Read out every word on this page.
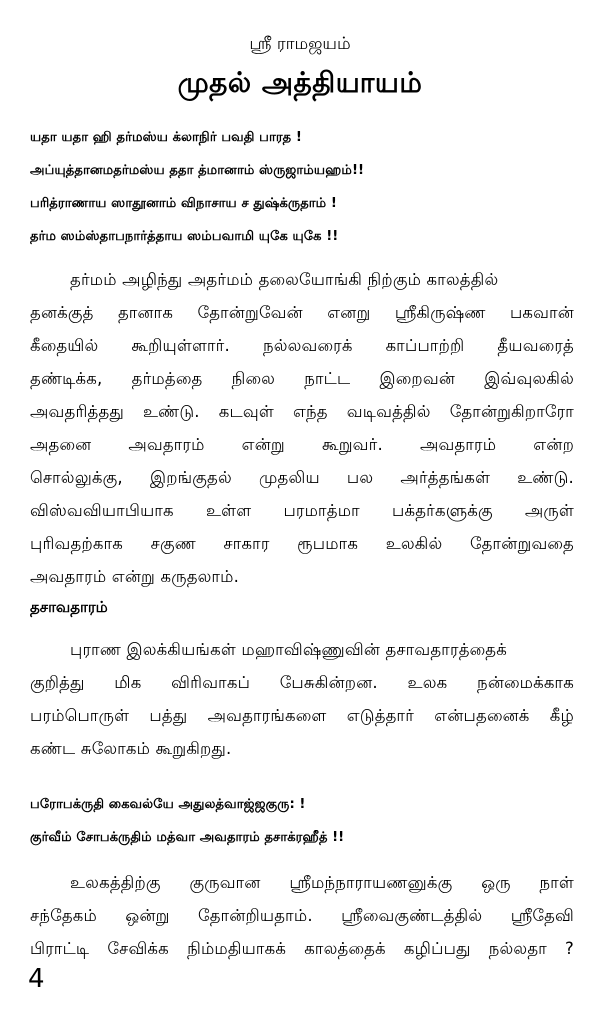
ஸ்ரீ ராமஜயம்
முதல் அத்தியாயம்
யதா யதா ஹி தர்மஸ்ய க்லாநிர் பவதி பாரத !
அப்யுத்தானமதர்மஸ்ய ததா த்மானாம் ஸ்ருஜாம்யஹம்!!
பரித்ராணாய ஸாதூனாம் விநாசாய ச துஷ்க்ருதாம் !
தர்ம ஸம்ஸ்தாபநார்த்தாய ஸம்பவாமி யுகே யுகே !!
தர்மம் அழிந்து அதர்மம் தலையோங்கி நிற்கும் காலத்தில்
தனக்குத் தானாக தோன்றுவேன் எனறு ஸ்ரீகிருஷ்ண பகவான்
கீதையில் கூறியுள்ளார். நல்லவரைக் காப்பாற்றி தீயவரைத்
தண்டிக்க, தர்மத்தை நிலை நாட்ட இறைவன் இவ்வுலகில்
அவதரித்தது உண்டு. கடவுள் எந்த வடிவத்தில் தோன்றுகிறாரோ
அதனை அவதாரம் என்று கூறுவர். அவதாரம் என்ற
சொல்லுக்கு, இறங்குதல் முதலிய பல அர்த்தங்கள் உண்டு.
விஸ்வவியாபியாக உள்ள பரமாத்மா பக்தர்களுக்கு அருள்
புரிவதற்காக சகுண சாகார ரூபமாக உலகில் தோன்றுவதை
அவதாரம் என்று கருதலாம்.
தசாவதாரம்
புராண இலக்கியங்கள் மஹாவிஷ்ணுவின் தசாவதாரத்தைக்
குறித்து மிக விரிவாகப் பேசுகின்றன. உலக நன்மைக்காக
பரம்பொருள் பத்து அவதாரங்களை எடுத்தார் என்பதனைக் கீழ்
கண்ட சுலோகம் கூறுகிறது.
பரோபக்ருதி கைவல்யே அதுலத்வாஜ்ஜகுரு: !
குர்வீம் சோபக்ருதிம் மத்வா அவதாரம் தசாக்ரஹீத் !!
உலகத்திற்கு குருவான ஸ்ரீமந்நாராயணனுக்கு ஒரு நாள்
சந்தேகம் ஒன்று தோன்றியதாம். ஸ்ரீவைகுண்டத்தில் ஸ்ரீதேவி
பிராட்டி சேவிக்க நிம்மதியாகக் காலத்தைக் கழிப்பது நல்லதா ?
4
